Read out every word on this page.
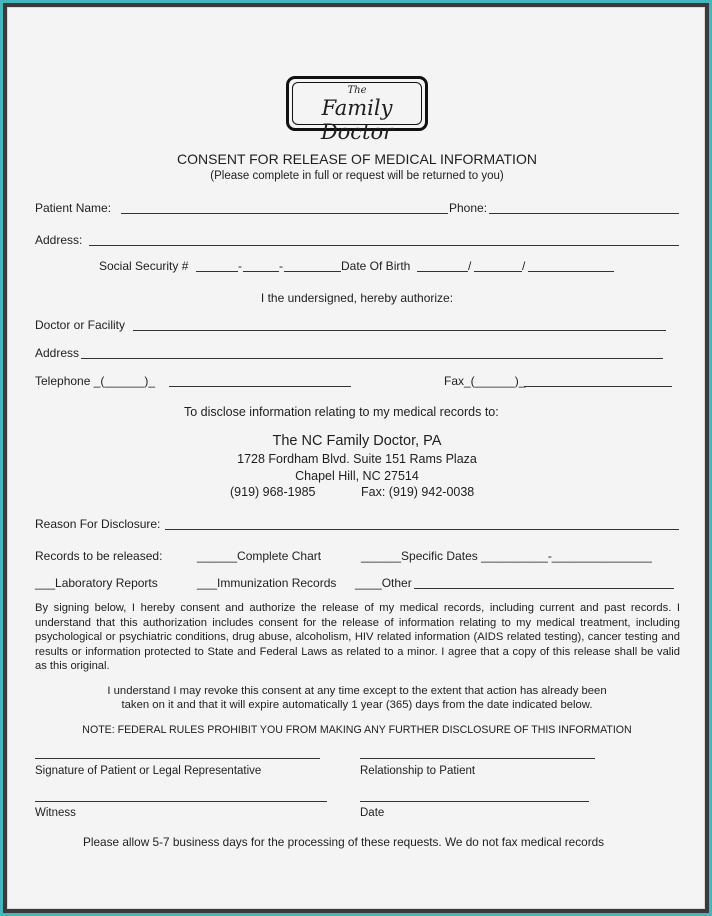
The
Family Doctor
CONSENT FOR RELEASE OF MEDICAL INFORMATION
(Please complete in full or request will be returned to you)
Patient Name:	Phone:
Address:
Social Security #	-	-	Date Of Birth	/	/
I the undersigned, hereby authorize:
Doctor or Facility
Address
Telephone _(______)_	Fax_(______)_
To disclose information relating to my medical records to:
The NC Family Doctor, PA
1728 Fordham Blvd. Suite 151 Rams Plaza
Chapel Hill, NC 27514
(919) 968-1985	Fax: (919) 942-0038
Reason For Disclosure:
Records to be released:	______Complete Chart	______Specific Dates __________-_______________
___Laboratory Reports	___Immunization Records ____Other
By signing below, I hereby consent and authorize the release of my medical records, including current and past records. I understand that this authorization includes consent for the release of information relating to my medical treatment, including psychological or psychiatric conditions, drug abuse, alcoholism, HIV related information (AIDS related testing), cancer testing and results or information protected to State and Federal Laws as related to a minor. I agree that a copy of this release shall be valid as this original.
I understand I may revoke this consent at any time except to the extent that action has already been
taken on it and that it will expire automatically 1 year (365) days from the date indicated below.
NOTE: FEDERAL RULES PROHIBIT YOU FROM MAKING ANY FURTHER DISCLOSURE OF THIS INFORMATION
Signature of Patient or Legal Representative	Relationship to Patient
Witness	Date
Please allow 5-7 business days for the processing of these requests. We do not fax medical records
